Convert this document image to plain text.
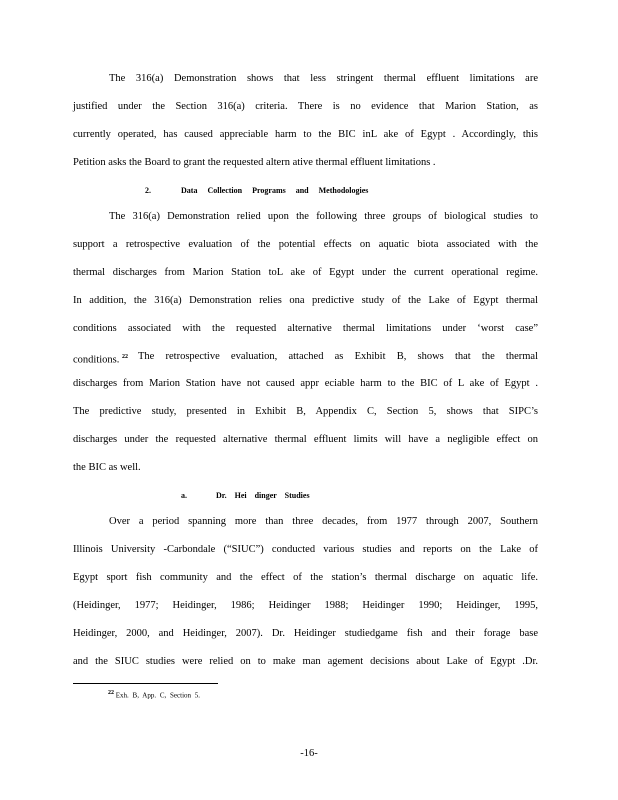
The 316(a) Demonstration shows that less stringent thermal effluent limitations are
justified under the Section 316(a) criteria. There is no evidence that Marion Station, as
currently operated, has caused appreciable harm to the BIC inL ake of Egypt . Accordingly, this
Petition asks the Board to grant the requested altern ative thermal effluent limitations .
2.	Data Collection Programs and Methodologies
The 316(a) Demonstration relied upon the following three groups of biological studies to
support a retrospective evaluation of the potential effects on aquatic biota associated with the
thermal discharges from Marion Station toL ake of Egypt under the current operational regime.
In addition, the 316(a) Demonstration relies ona predictive study of the Lake of Egypt thermal
conditions associated with the requested alternative thermal limitations under ‘worst case”
conditions. $^{22}$ The retrospective evaluation, attached as Exhibit B, shows that the thermal
discharges from Marion Station have not caused appr eciable harm to the BIC of L ake of Egypt .
The predictive study, presented in Exhibit B, Appendix C, Section 5, shows that SIPC’s
discharges under the requested alternative thermal effluent limits will have a negligible effect on
the BIC as well.
a.	Dr. Hei dinger Studies
Over a period spanning more than three decades, from 1977 through 2007, Southern
Illinois University -Carbondale (“SIUC”) conducted various studies and reports on the Lake of
Egypt sport fish community and the effect of the station’s thermal discharge on aquatic life.
(Heidinger, 1977; Heidinger, 1986; Heidinger 1988; Heidinger 1990; Heidinger, 1995,
Heidinger, 2000, and Heidinger, 2007). Dr. Heidinger studiedgame fish and their forage base
and the SIUC studies were relied on to make man agement decisions about Lake of Egypt .Dr.
22 Exh. B, App. C, Section 5.
-16-
